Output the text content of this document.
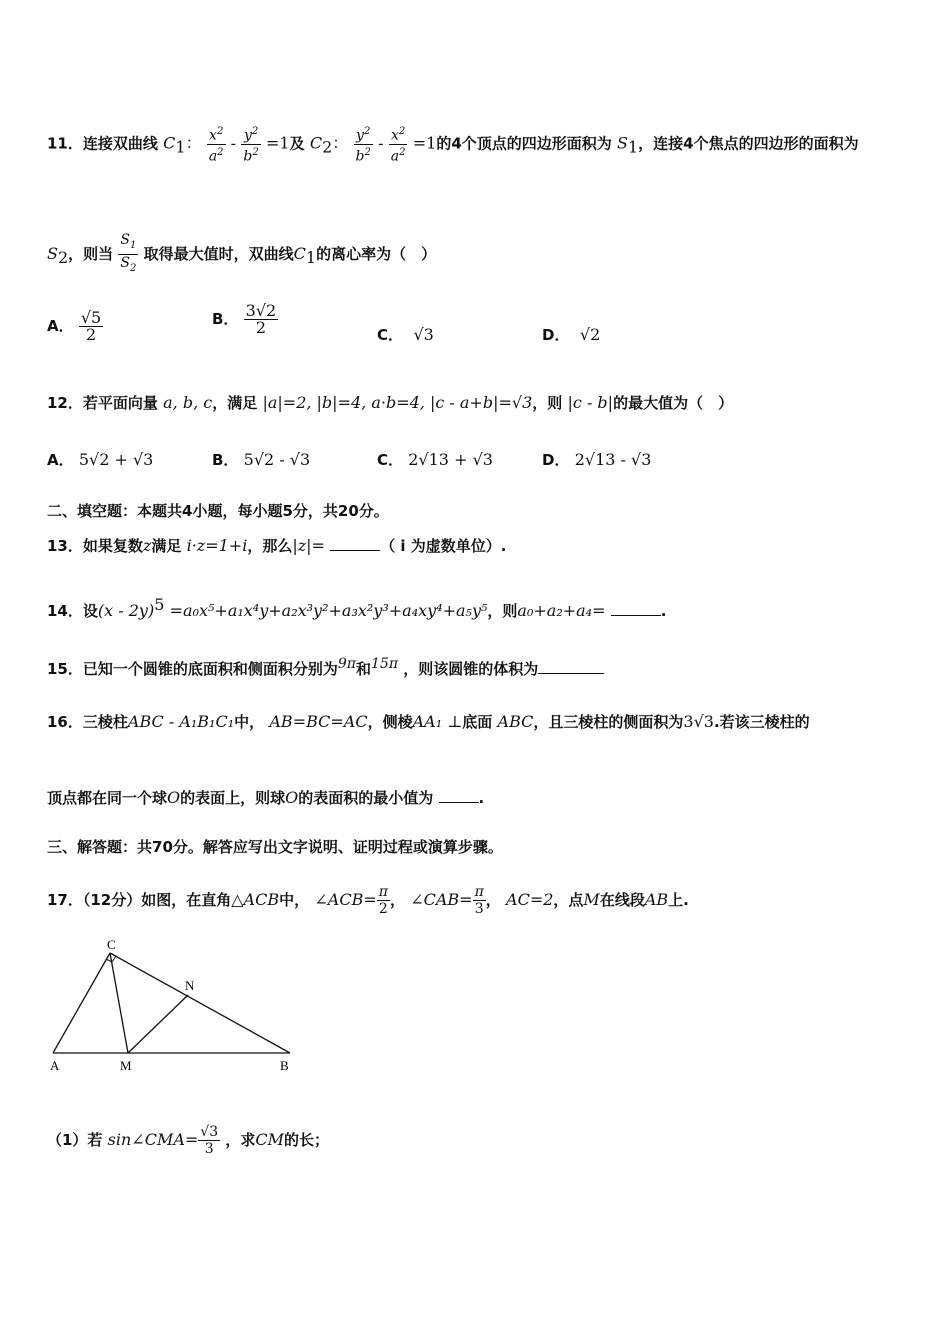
11．连接双曲线 $C_1$： $\frac{x^2}{a^2} - \frac{y^2}{b^2} =1$及 $C_2$： $\frac{y^2}{b^2} - \frac{x^2}{a^2} =1$的4个顶点的四边形面积为 $S_1$，连接4个焦点的四边形的面积为
$S_2$，则当 $\frac{S_1}{S_2}$ 取得最大值时，双曲线$C_1$的离心率为（　）
A． $\frac{√5}{2}$	B． $\frac{3√2}{2}$	C． √3	D． √2
12．若平面向量 a, b, c，满足 |a|=2, |b|=4, a·b=4, |c - a+b|=√3，则 |c - b|的最大值为（　）
A． 5√2 + √3	B． 5√2 - √3	C． 2√13 + √3	D． 2√13 - √3
二、填空题：本题共4小题，每小题5分，共20分。
13．如果复数z满足 i·z=1+i，那么|z|=	（ i 为虚数单位）.
14．设(x - 2y)$^5$ =a₀x⁵+a₁x⁴y+a₂x³y²+a₃x²y³+a₄xy⁴+a₅y⁵，则a₀+a₂+a₄=	.
15．已知一个圆锥的底面积和侧面积分别为$^{9\pi}$和$^{15\pi}$ ，则该圆锥的体积为
16．三棱柱ABC - A₁B₁C₁中， AB=BC=AC，侧棱AA₁ ⊥底面 ABC，且三棱柱的侧面积为3√3.若该三棱柱的
顶点都在同一个球O的表面上，则球O的表面积的最小值为	.
三、解答题：共70分。解答应写出文字说明、证明过程或演算步骤。
17．（12分）如图，在直角△ACB中， ∠ACB= $\frac{\pi}{2}$ ， ∠CAB= $\frac{\pi}{3}$ ， AC=2，点M在线段AB上.
C
N
A	M	B
（1）若 sin∠CMA= $\frac{√3}{3}$ ，求CM的长；
